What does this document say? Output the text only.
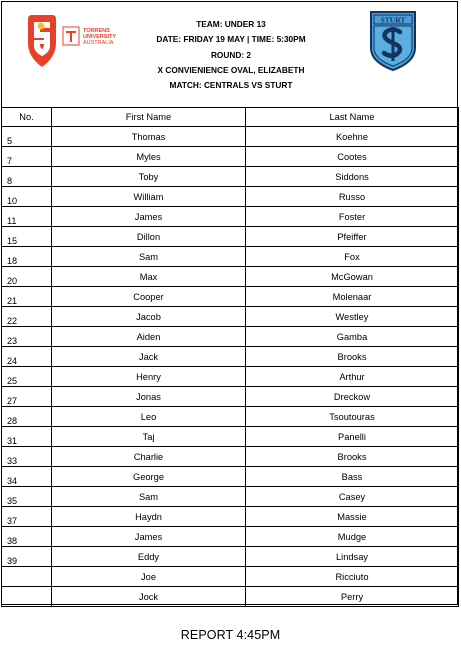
TORRENS
UNIVERSITY
AUSTRALIA
TEAM: UNDER 13
DATE: FRIDAY 19 MAY | TIME: 5:30PM
ROUND: 2
X CONVIENIENCE OVAL, ELIZABETH
MATCH: CENTRALS VS STURT
STURT
No.	First Name	Last Name
5	Thomas	Koehne
7	Myles	Cootes
8	Toby	Siddons
10	William	Russo
11	James	Foster
15	Dillon	Pfeiffer
18	Sam	Fox
20	Max	McGowan
21	Cooper	Molenaar
22	Jacob	Westley
23	Aiden	Gamba
24	Jack	Brooks
25	Henry	Arthur
27	Jonas	Dreckow
28	Leo	Tsoutouras
31	Taj	Panelli
33	Charlie	Brooks
34	George	Bass
35	Sam	Casey
37	Haydn	Massie
38	James	Mudge
39	Eddy	Lindsay
	Joe	Ricciuto
	Jock	Perry
REPORT 4:45PM
